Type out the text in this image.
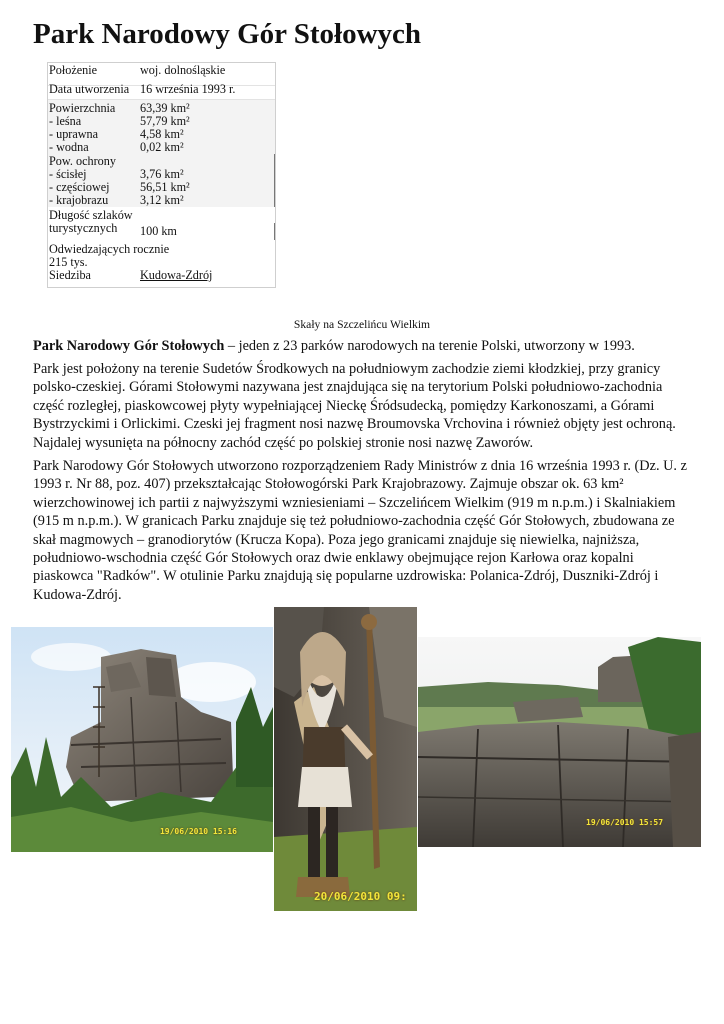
Park Narodowy Gór Stołowych
Położenie	woj. dolnośląskie
Data utworzenia 16 września 1993 r.
Powierzchnia 63,39 km²
- leśna	57,79 km²
- uprawna	4,58 km²
- wodna	0,02 km²
Pow. ochrony
- ścisłej	3,76 km²
- częściowej 56,51 km²
- krajobrazu	3,12 km²
Długość szlaków
turystycznych 100 km
Odwiedzających rocznie
215 tys.
Siedziba	Kudowa-Zdrój
Skały na Szczelińcu Wielkim

Park Narodowy Gór Stołowych – jeden z 23 parków narodowych na terenie Polski, utworzony w 1993.

Park jest położony na terenie Sudetów Środkowych na południowym zachodzie ziemi kłodzkiej, przy granicy polsko-czeskiej. Górami Stołowymi nazywana jest znajdująca się na terytorium Polski południowo-zachodnia część rozległej, piaskowcowej płyty wypełniającej Nieckę Śródsudecką, pomiędzy Karkonoszami, a Górami Bystrzyckimi i Orlickimi. Czeski jej fragment nosi nazwę Broumovska Vrchovina i również objęty jest ochroną. Najdalej wysunięta na północny zachód część po polskiej stronie nosi nazwę Zaworów.

Park Narodowy Gór Stołowych utworzono rozporządzeniem Rady Ministrów z dnia 16 września 1993 r. (Dz. U. z 1993 r. Nr 88, poz. 407) przekształcając Stołowogórski Park Krajobrazowy. Zajmuje obszar ok. 63 km² wierzchowinowej ich partii z najwyższymi wzniesieniami – Szczelińcem Wielkim (919 m n.p.m.) i Skalniakiem (915 m n.p.m.). W granicach Parku znajduje się też południowo-zachodnia część Gór Stołowych, zbudowana ze skał magmowych – granodiorytów (Krucza Kopa). Poza jego granicami znajduje się niewielka, najniższa, południowo-wschodnia część Gór Stołowych oraz dwie enklawy obejmujące rejon Karłowa oraz kopalni piaskowca "Radków". W otulinie Parku znajdują się popularne uzdrowiska: Polanica-Zdrój, Duszniki-Zdrój i Kudowa-Zdrój.

19/06/2010 15:16
20/06/2010 09:
19/06/2010 15:57
